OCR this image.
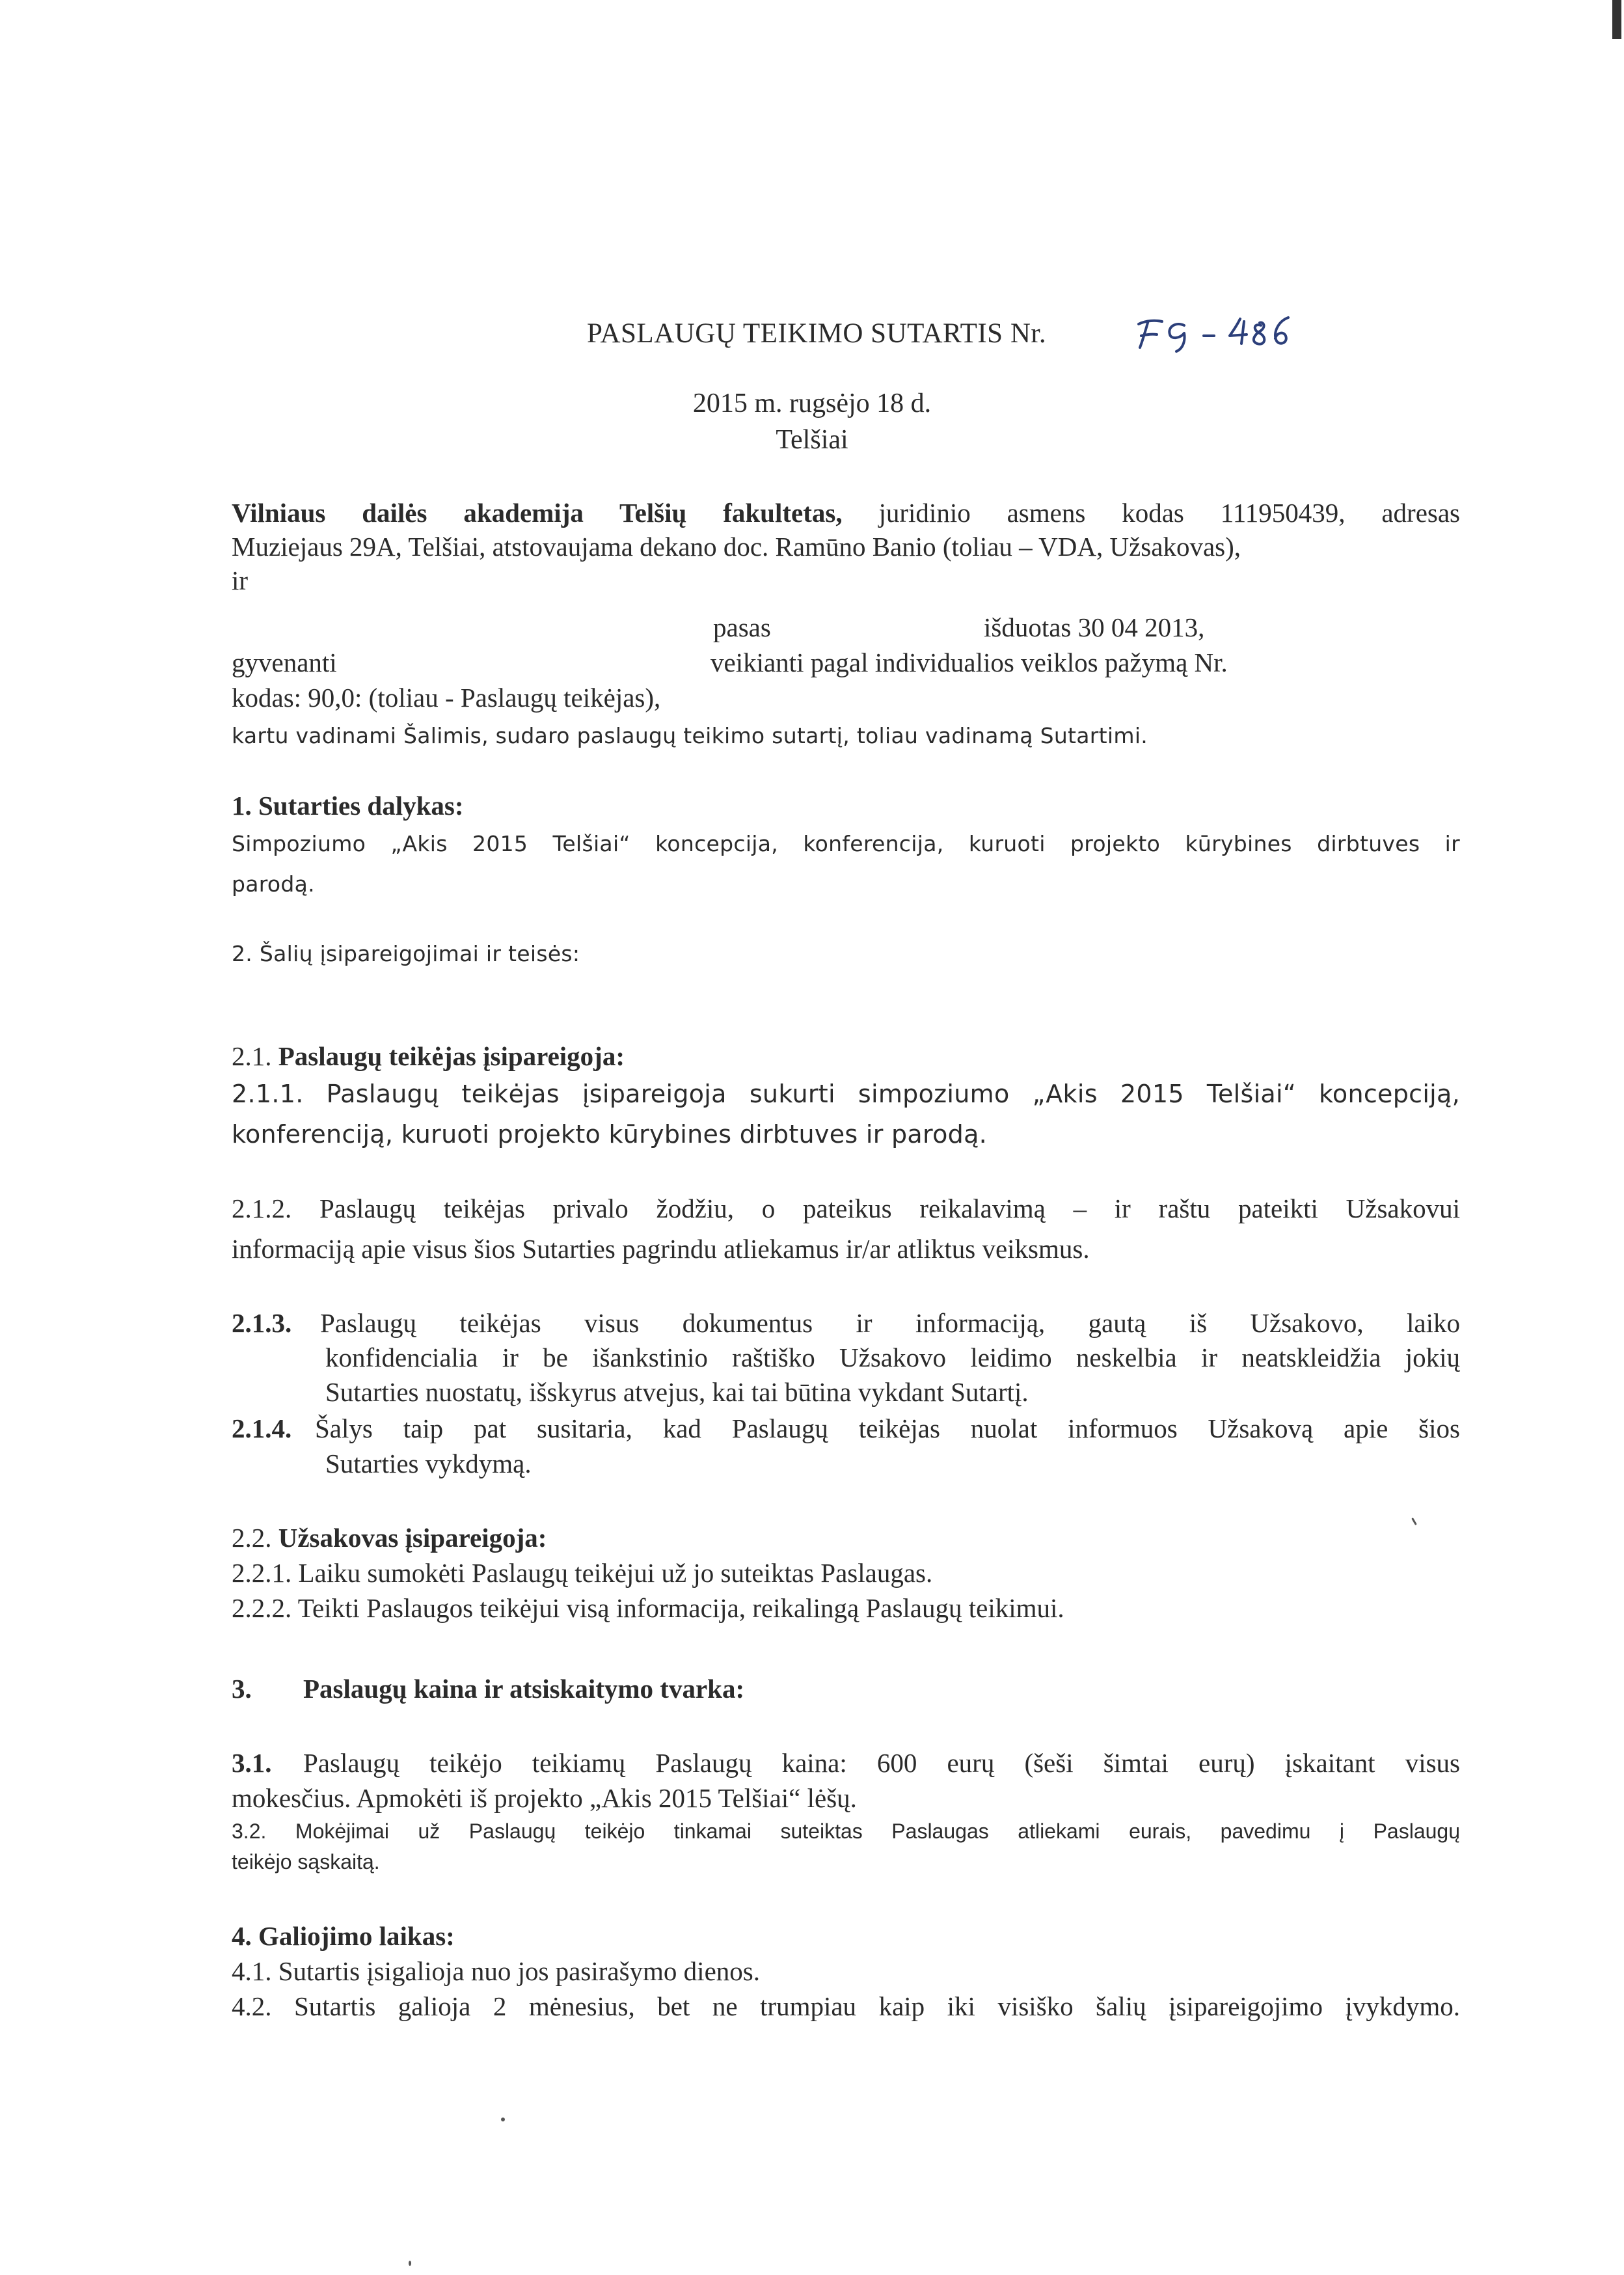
PASLAUGŲ TEIKIMO SUTARTIS Nr.
2015 m. rugsėjo 18 d.
Telšiai
Vilniaus dailės akademija Telšių fakultetas, juridinio asmens kodas 111950439, adresas
Muziejaus 29A, Telšiai, atstovaujama dekano doc. Ramūno Banio (toliau – VDA, Užsakovas),
ir
pasas	išduotas 30 04 2013,
gyvenanti	veikianti pagal individualios veiklos pažymą Nr.
kodas: 90,0: (toliau - Paslaugų teikėjas),
kartu vadinami Šalimis, sudaro paslaugų teikimo sutartį, toliau vadinamą Sutartimi.
1. Sutarties dalykas:
Simpoziumo „Akis 2015 Telšiai“ koncepcija, konferencija, kuruoti projekto kūrybines dirbtuves ir
parodą.
2. Šalių įsipareigojimai ir teisės:
2.1. Paslaugų teikėjas įsipareigoja:
2.1.1. Paslaugų teikėjas įsipareigoja sukurti simpoziumo „Akis 2015 Telšiai“ koncepciją,
konferenciją, kuruoti projekto kūrybines dirbtuves ir parodą.
2.1.2. Paslaugų teikėjas privalo žodžiu, o pateikus reikalavimą – ir raštu pateikti Užsakovui
informaciją apie visus šios Sutarties pagrindu atliekamus ir/ar atliktus veiksmus.
2.1.3. Paslaugų teikėjas visus dokumentus ir informaciją, gautą iš Užsakovo, laiko
konfidencialia ir be išankstinio raštiško Užsakovo leidimo neskelbia ir neatskleidžia jokių
Sutarties nuostatų, išskyrus atvejus, kai tai būtina vykdant Sutartį.
2.1.4. Šalys taip pat susitaria, kad Paslaugų teikėjas nuolat informuos Užsakovą apie šios
Sutarties vykdymą.
2.2. Užsakovas įsipareigoja:
2.2.1. Laiku sumokėti Paslaugų teikėjui už jo suteiktas Paslaugas.
2.2.2. Teikti Paslaugos teikėjui visą informacija, reikalingą Paslaugų teikimui.
3. Paslaugų kaina ir atsiskaitymo tvarka:
3.1. Paslaugų teikėjo teikiamų Paslaugų kaina: 600 eurų (šeši šimtai eurų) įskaitant visus
mokesčius. Apmokėti iš projekto „Akis 2015 Telšiai“ lėšų.
3.2. Mokėjimai už Paslaugų teikėjo tinkamai suteiktas Paslaugas atliekami eurais, pavedimu į Paslaugų
teikėjo sąskaitą.
4. Galiojimo laikas:
4.1. Sutartis įsigalioja nuo jos pasirašymo dienos.
4.2. Sutartis galioja 2 mėnesius, bet ne trumpiau kaip iki visiško šalių įsipareigojimo įvykdymo.
